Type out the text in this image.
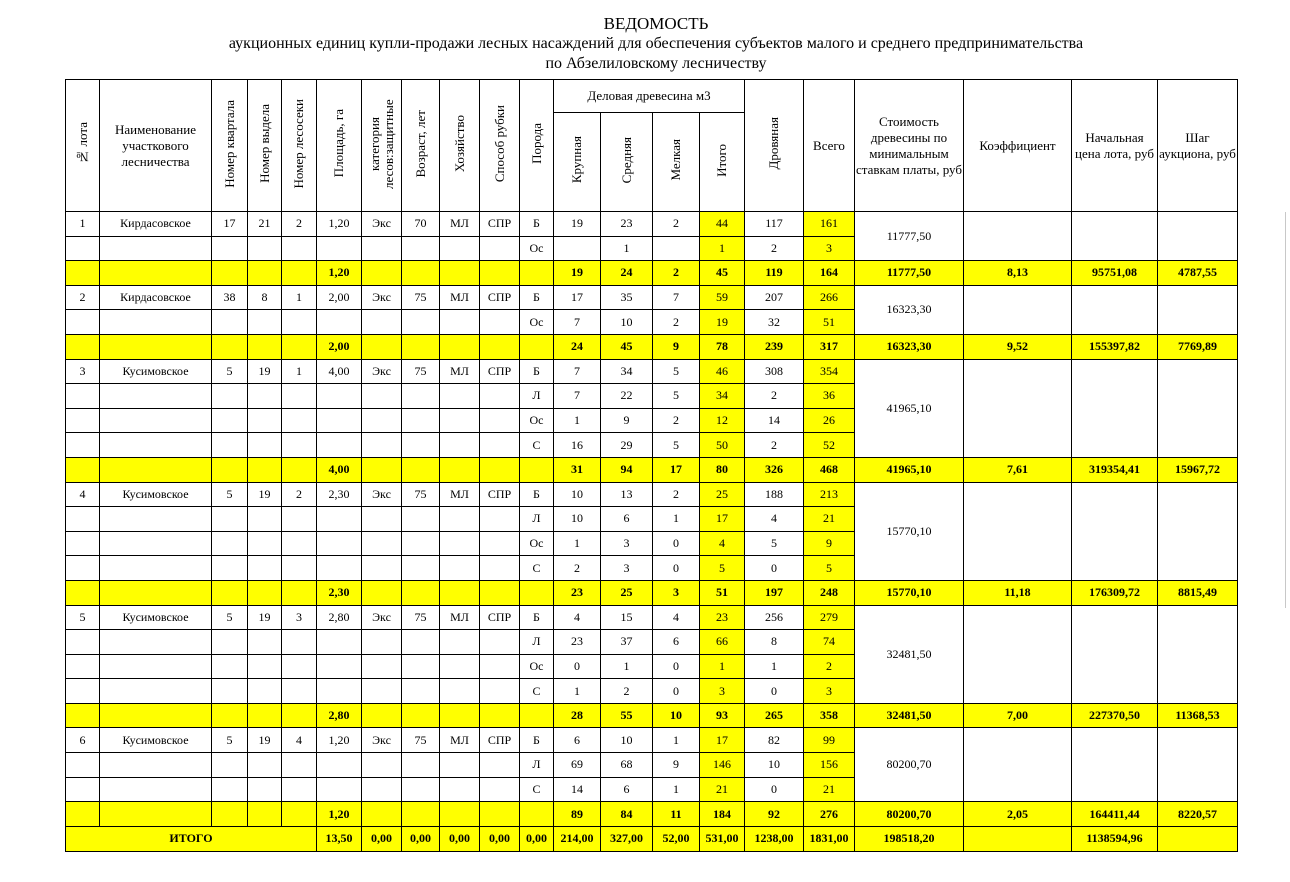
ВЕДОМОСТЬ
аукционных единиц купли-продажи лесных насаждений для обеспечения субъектов малого и среднего предпринимательства
по Абзелиловскому лесничеству
№ лота	Наименование участкового лесничества	Номер квартала	Номер выдела	Номер лесосеки	Площадь, га	категория лесов:защитные	Возраст, лет	Хозяйство	Способ рубки	Порода	Деловая древесина м3				Дровяная	Всего	Стоимость древесины по минимальным ставкам платы, руб	Коэффициент	Начальная цена лота, руб	Шаг аукциона, руб

											Крупная	Средняя	Мелкая	Итого						
1	Кирдасовское	17	21	2	1,20	Экс	70	МЛ	СПР	Б	19	23	2	44	117	161	11777,50			
										Ос		1		1	2	3				
					1,20						19	24	2	45	119	164	11777,50	8,13	95751,08	4787,55
2	Кирдасовское	38	8	1	2,00	Экс	75	МЛ	СПР	Б	17	35	7	59	207	266	16323,30			
										Ос	7	10	2	19	32	51				
					2,00						24	45	9	78	239	317	16323,30	9,52	155397,82	7769,89
3	Кусимовское	5	19	1	4,00	Экс	75	МЛ	СПР	Б	7	34	5	46	308	354	41965,10			
										Л	7	22	5	34	2	36				
										Ос	1	9	2	12	14	26				
										С	16	29	5	50	2	52				
					4,00						31	94	17	80	326	468	41965,10	7,61	319354,41	15967,72
4	Кусимовское	5	19	2	2,30	Экс	75	МЛ	СПР	Б	10	13	2	25	188	213	15770,10			
										Л	10	6	1	17	4	21				
										Ос	1	3	0	4	5	9				
										С	2	3	0	5	0	5				
					2,30						23	25	3	51	197	248	15770,10	11,18	176309,72	8815,49
5	Кусимовское	5	19	3	2,80	Экс	75	МЛ	СПР	Б	4	15	4	23	256	279	32481,50			
										Л	23	37	6	66	8	74				
										Ос	0	1	0	1	1	2				
										С	1	2	0	3	0	3				
					2,80						28	55	10	93	265	358	32481,50	7,00	227370,50	11368,53
6	Кусимовское	5	19	4	1,20	Экс	75	МЛ	СПР	Б	6	10	1	17	82	99	80200,70			
										Л	69	68	9	146	10	156				
										С	14	6	1	21	0	21				
					1,20						89	84	11	184	92	276	80200,70	2,05	164411,44	8220,57
ИТОГО					13,50	0,00	0,00	0,00	0,00	0,00	214,00	327,00	52,00	531,00	1238,00	1831,00	198518,20		1138594,96	
